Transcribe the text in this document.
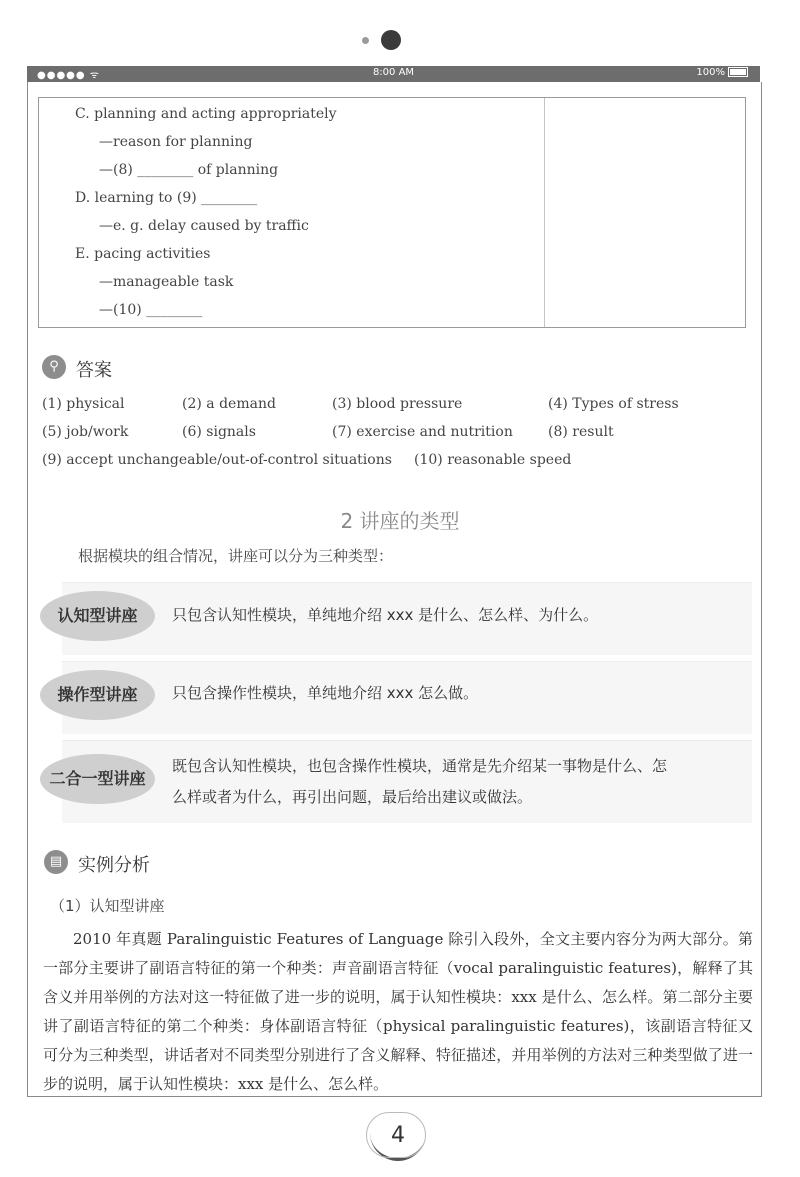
●●●●● ᯤ	8:00 AM	100%
C. planning and acting appropriately
—reason for planning
—(8) ________ of planning
D. learning to (9) ________
—e. g. delay caused by traffic
E. pacing activities
—manageable task
—(10) ________
⚲ 答案
(1) physical	(2) a demand	(3) blood pressure	(4) Types of stress
(5) job/work	(6) signals	(7) exercise and nutrition	(8) result
(9) accept unchangeable/out-of-control situations (10) reasonable speed
2 讲座的类型
根据模块的组合情况，讲座可以分为三种类型：
认知型讲座	只包含认知性模块，单纯地介绍 xxx 是什么、怎么样、为什么。
操作型讲座	只包含操作性模块，单纯地介绍 xxx 怎么做。
二合一型讲座
既包含认知性模块，也包含操作性模块，通常是先介绍某一事物是什么、怎
么样或者为什么，再引出问题，最后给出建议或做法。
▤ 实例分析
（1）认知型讲座
2010 年真题 Paralinguistic Features of Language 除引入段外，全文主要内容分为两大部分。第一部分主要讲了副语言特征的第一个种类：声音副语言特征（vocal paralinguistic features)，解释了其含义并用举例的方法对这一特征做了进一步的说明，属于认知性模块：xxx 是什么、怎么样。第二部分主要讲了副语言特征的第二个种类：身体副语言特征（physical paralinguistic features)，该副语言特征又可分为三种类型，讲话者对不同类型分别进行了含义解释、特征描述，并用举例的方法对三种类型做了进一步的说明，属于认知性模块：xxx 是什么、怎么样。
4
